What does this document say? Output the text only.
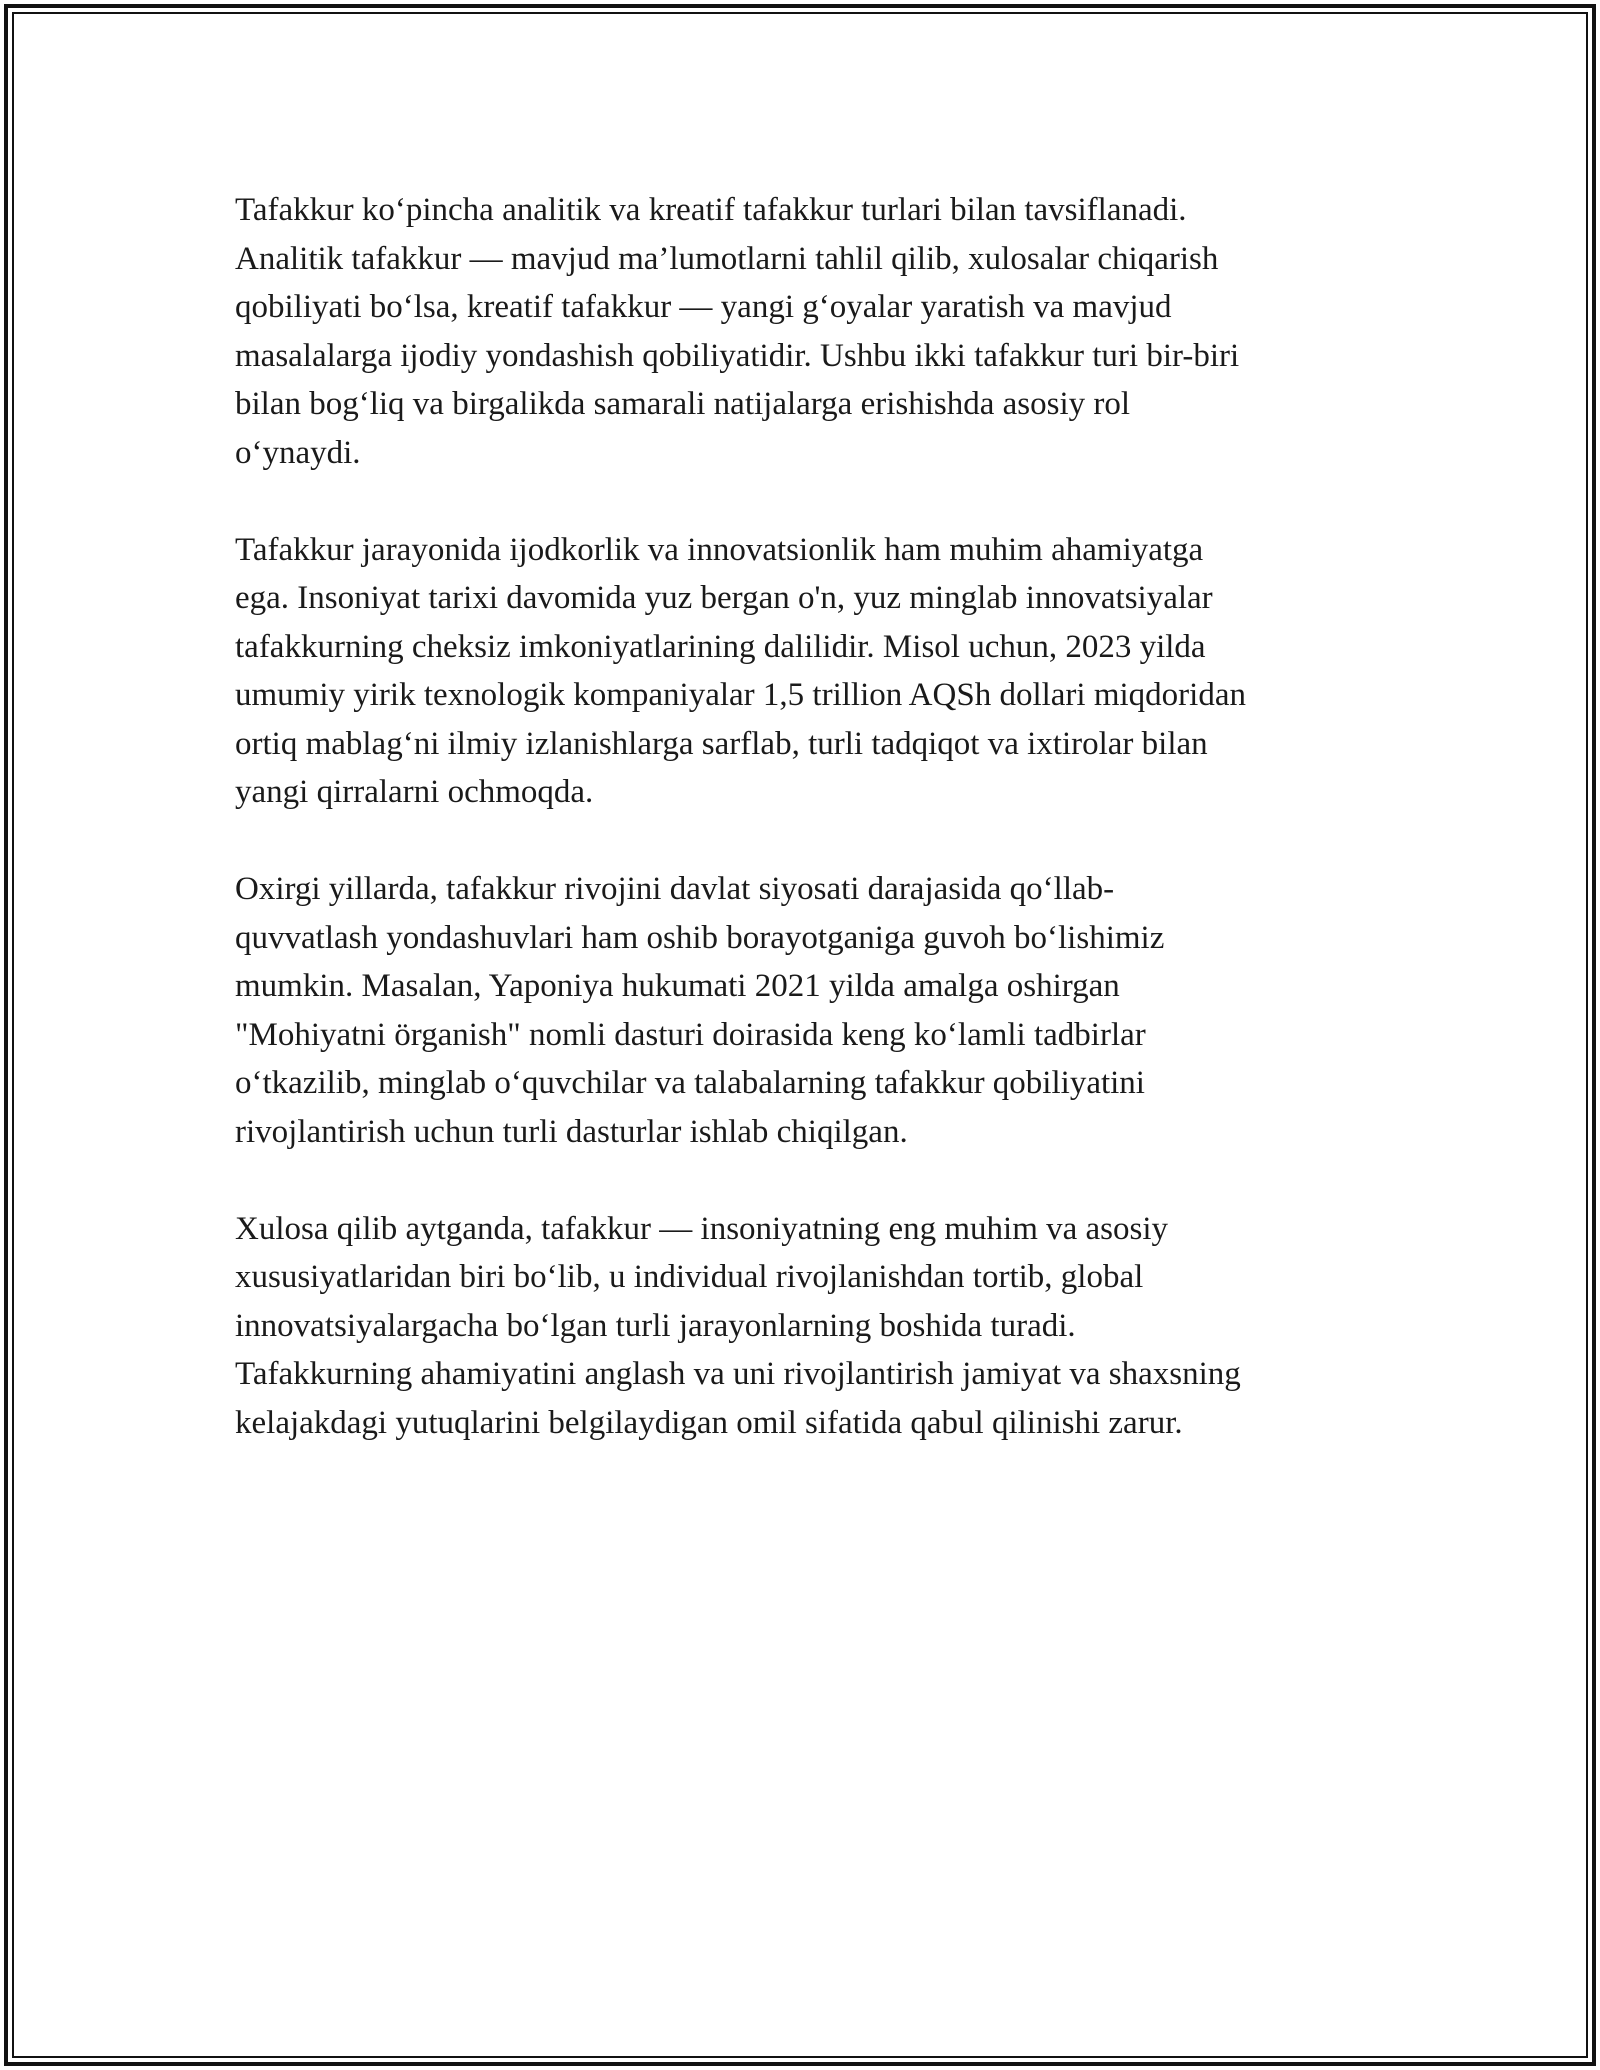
Tafakkur ko‘pincha analitik va kreatif tafakkur turlari bilan tavsiflanadi.
Analitik tafakkur — mavjud ma’lumotlarni tahlil qilib, xulosalar chiqarish
qobiliyati bo‘lsa, kreatif tafakkur — yangi g‘oyalar yaratish va mavjud
masalalarga ijodiy yondashish qobiliyatidir. Ushbu ikki tafakkur turi bir-biri
bilan bog‘liq va birgalikda samarali natijalarga erishishda asosiy rol
o‘ynaydi.

Tafakkur jarayonida ijodkorlik va innovatsionlik ham muhim ahamiyatga
ega. Insoniyat tarixi davomida yuz bergan o'n, yuz minglab innovatsiyalar
tafakkurning cheksiz imkoniyatlarining dalilidir. Misol uchun, 2023 yilda
umumiy yirik texnologik kompaniyalar 1,5 trillion AQSh dollari miqdoridan
ortiq mablag‘ni ilmiy izlanishlarga sarflab, turli tadqiqot va ixtirolar bilan
yangi qirralarni ochmoqda.

Oxirgi yillarda, tafakkur rivojini davlat siyosati darajasida qo‘llab-
quvvatlash yondashuvlari ham oshib borayotganiga guvoh bo‘lishimiz
mumkin. Masalan, Yaponiya hukumati 2021 yilda amalga oshirgan
"Mohiyatni örganish" nomli dasturi doirasida keng ko‘lamli tadbirlar
o‘tkazilib, minglab o‘quvchilar va talabalarning tafakkur qobiliyatini
rivojlantirish uchun turli dasturlar ishlab chiqilgan.

Xulosa qilib aytganda, tafakkur — insoniyatning eng muhim va asosiy
xususiyatlaridan biri bo‘lib, u individual rivojlanishdan tortib, global
innovatsiyalargacha bo‘lgan turli jarayonlarning boshida turadi.
Tafakkurning ahamiyatini anglash va uni rivojlantirish jamiyat va shaxsning
kelajakdagi yutuqlarini belgilaydigan omil sifatida qabul qilinishi zarur.
